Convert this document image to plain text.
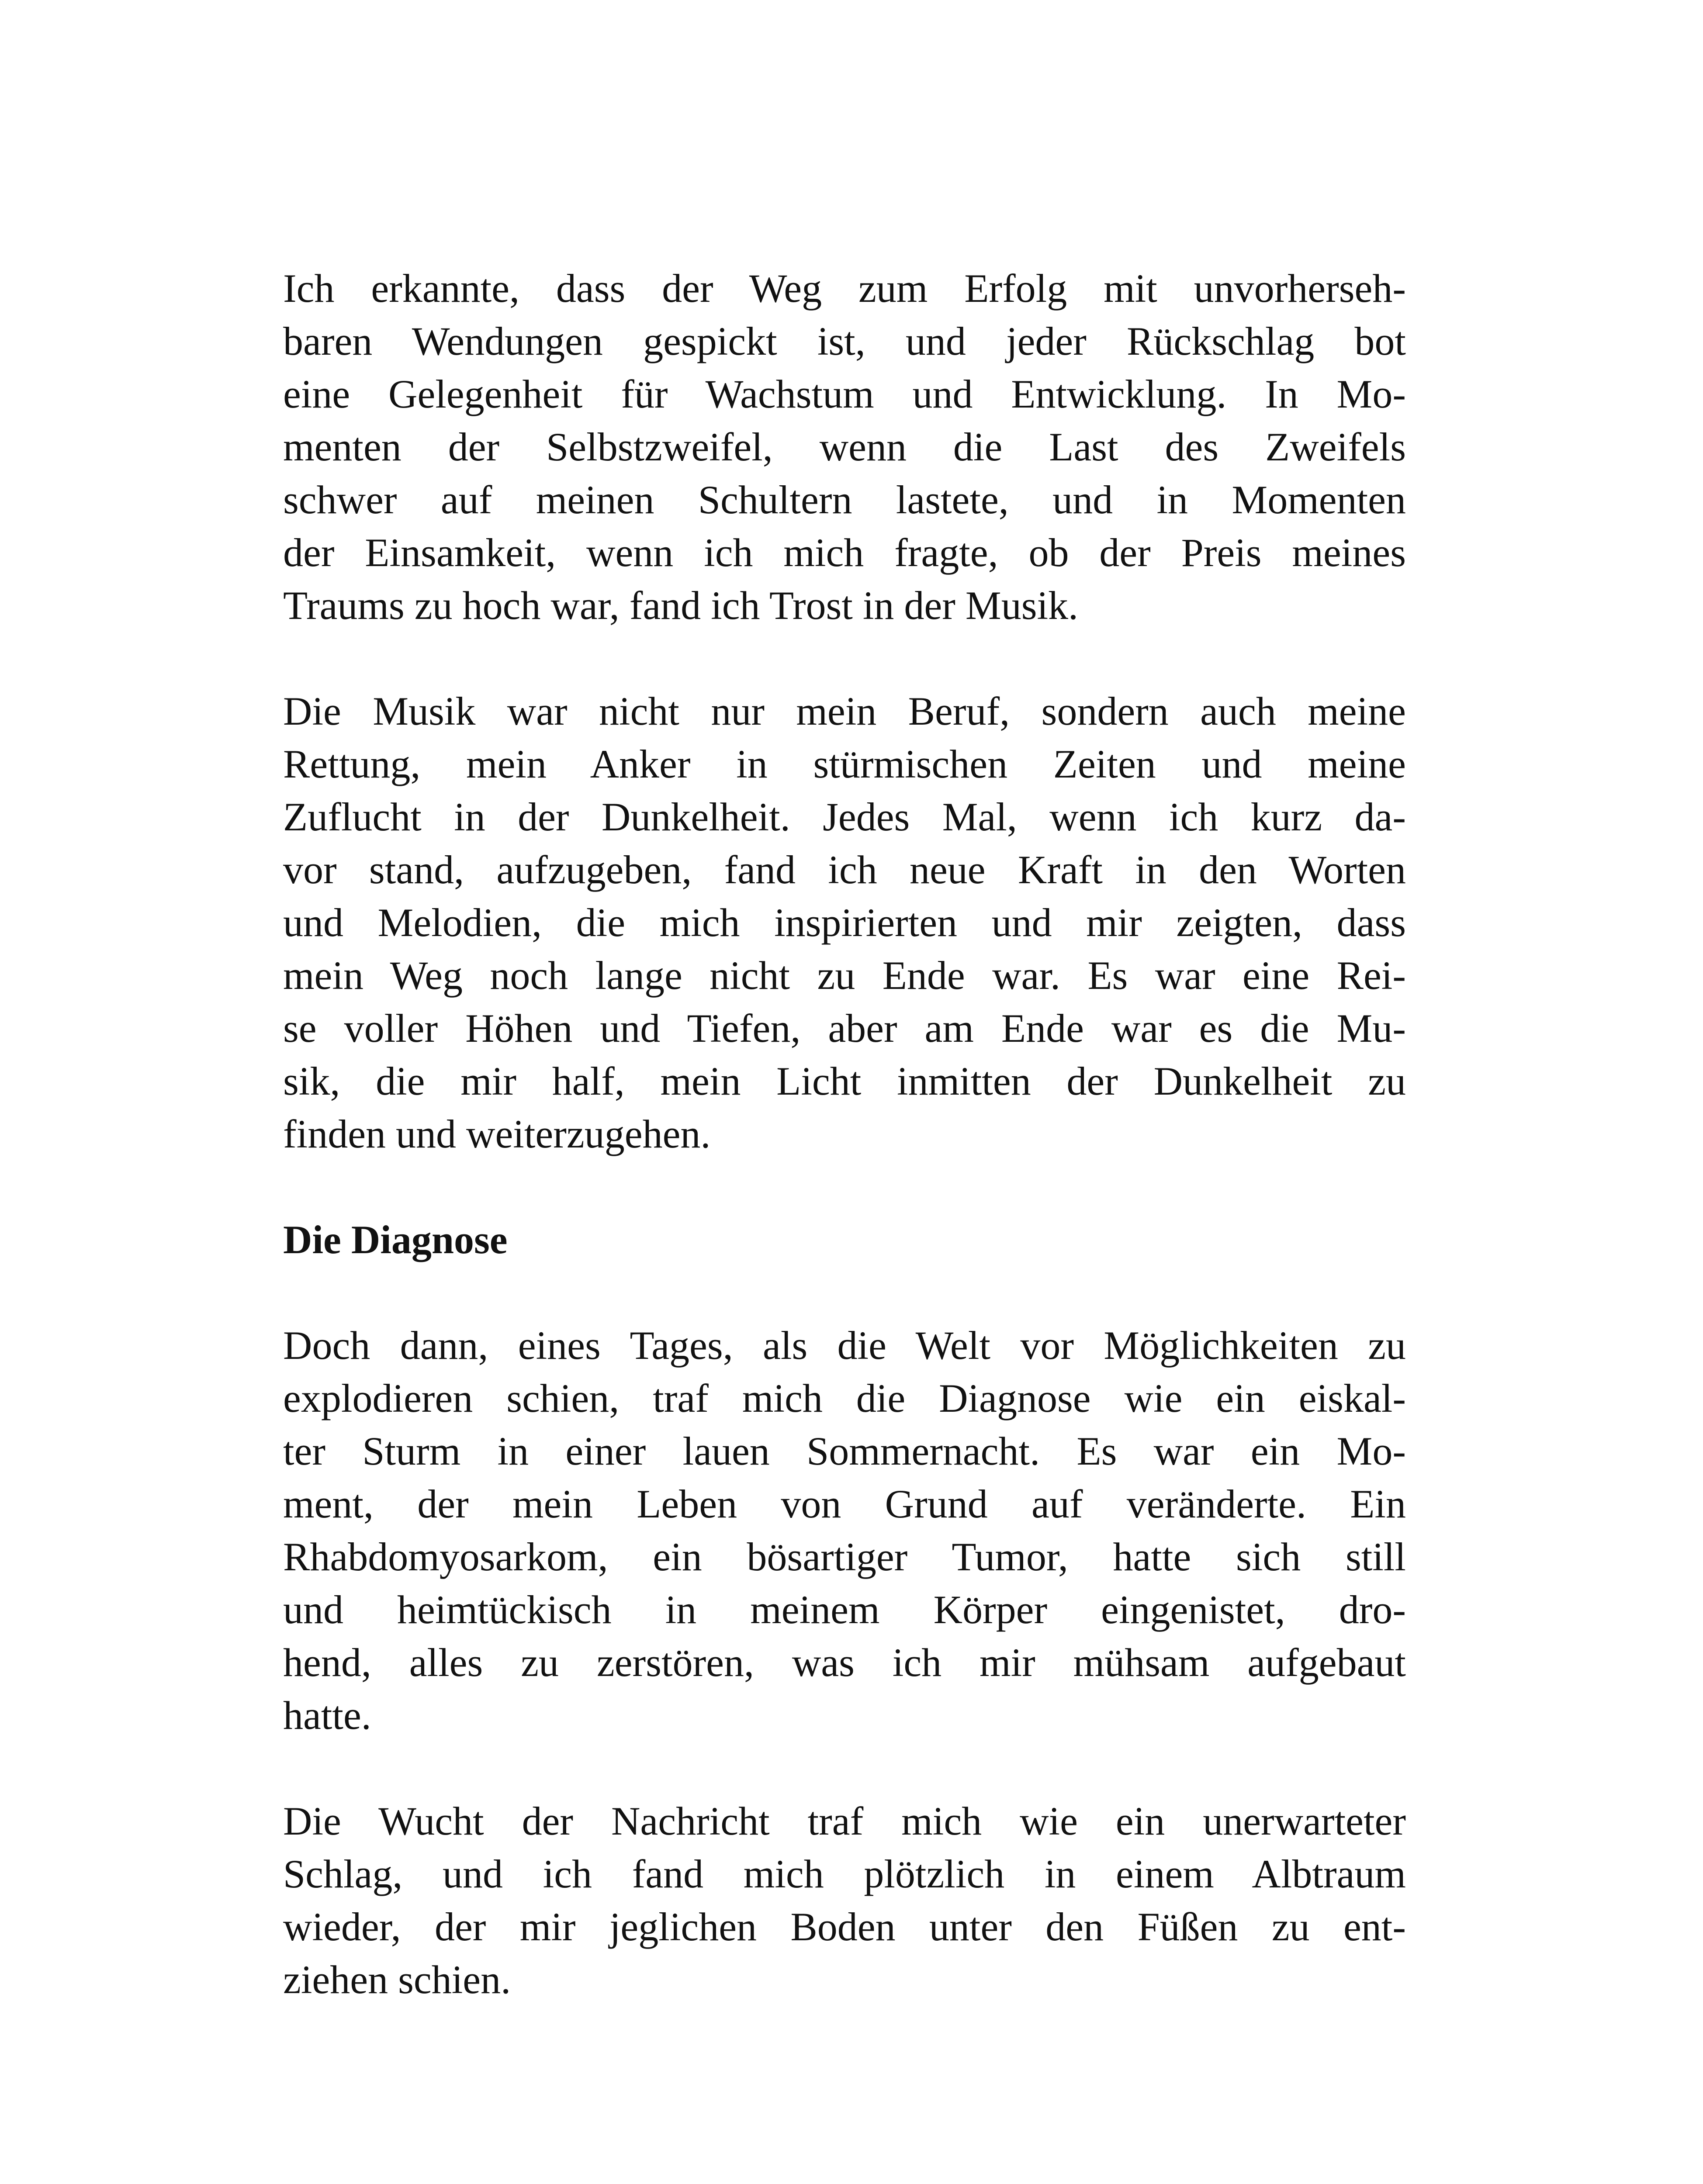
Ich erkannte, dass der Weg zum Erfolg mit unvorherseh-
baren Wendungen gespickt ist, und jeder Rückschlag bot
eine Gelegenheit für Wachstum und Entwicklung. In Mo-
menten der Selbstzweifel, wenn die Last des Zweifels
schwer auf meinen Schultern lastete, und in Momenten
der Einsamkeit, wenn ich mich fragte, ob der Preis meines
Traums zu hoch war, fand ich Trost in der Musik.

Die Musik war nicht nur mein Beruf, sondern auch meine
Rettung, mein Anker in stürmischen Zeiten und meine
Zuflucht in der Dunkelheit. Jedes Mal, wenn ich kurz da-
vor stand, aufzugeben, fand ich neue Kraft in den Worten
und Melodien, die mich inspirierten und mir zeigten, dass
mein Weg noch lange nicht zu Ende war. Es war eine Rei-
se voller Höhen und Tiefen, aber am Ende war es die Mu-
sik, die mir half, mein Licht inmitten der Dunkelheit zu
finden und weiterzugehen.

Die Diagnose

Doch dann, eines Tages, als die Welt vor Möglichkeiten zu
explodieren schien, traf mich die Diagnose wie ein eiskal-
ter Sturm in einer lauen Sommernacht. Es war ein Mo-
ment, der mein Leben von Grund auf veränderte. Ein
Rhabdomyosarkom, ein bösartiger Tumor, hatte sich still
und heimtückisch in meinem Körper eingenistet, dro-
hend, alles zu zerstören, was ich mir mühsam aufgebaut
hatte.

Die Wucht der Nachricht traf mich wie ein unerwarteter
Schlag, und ich fand mich plötzlich in einem Albtraum
wieder, der mir jeglichen Boden unter den Füßen zu ent-
ziehen schien.
